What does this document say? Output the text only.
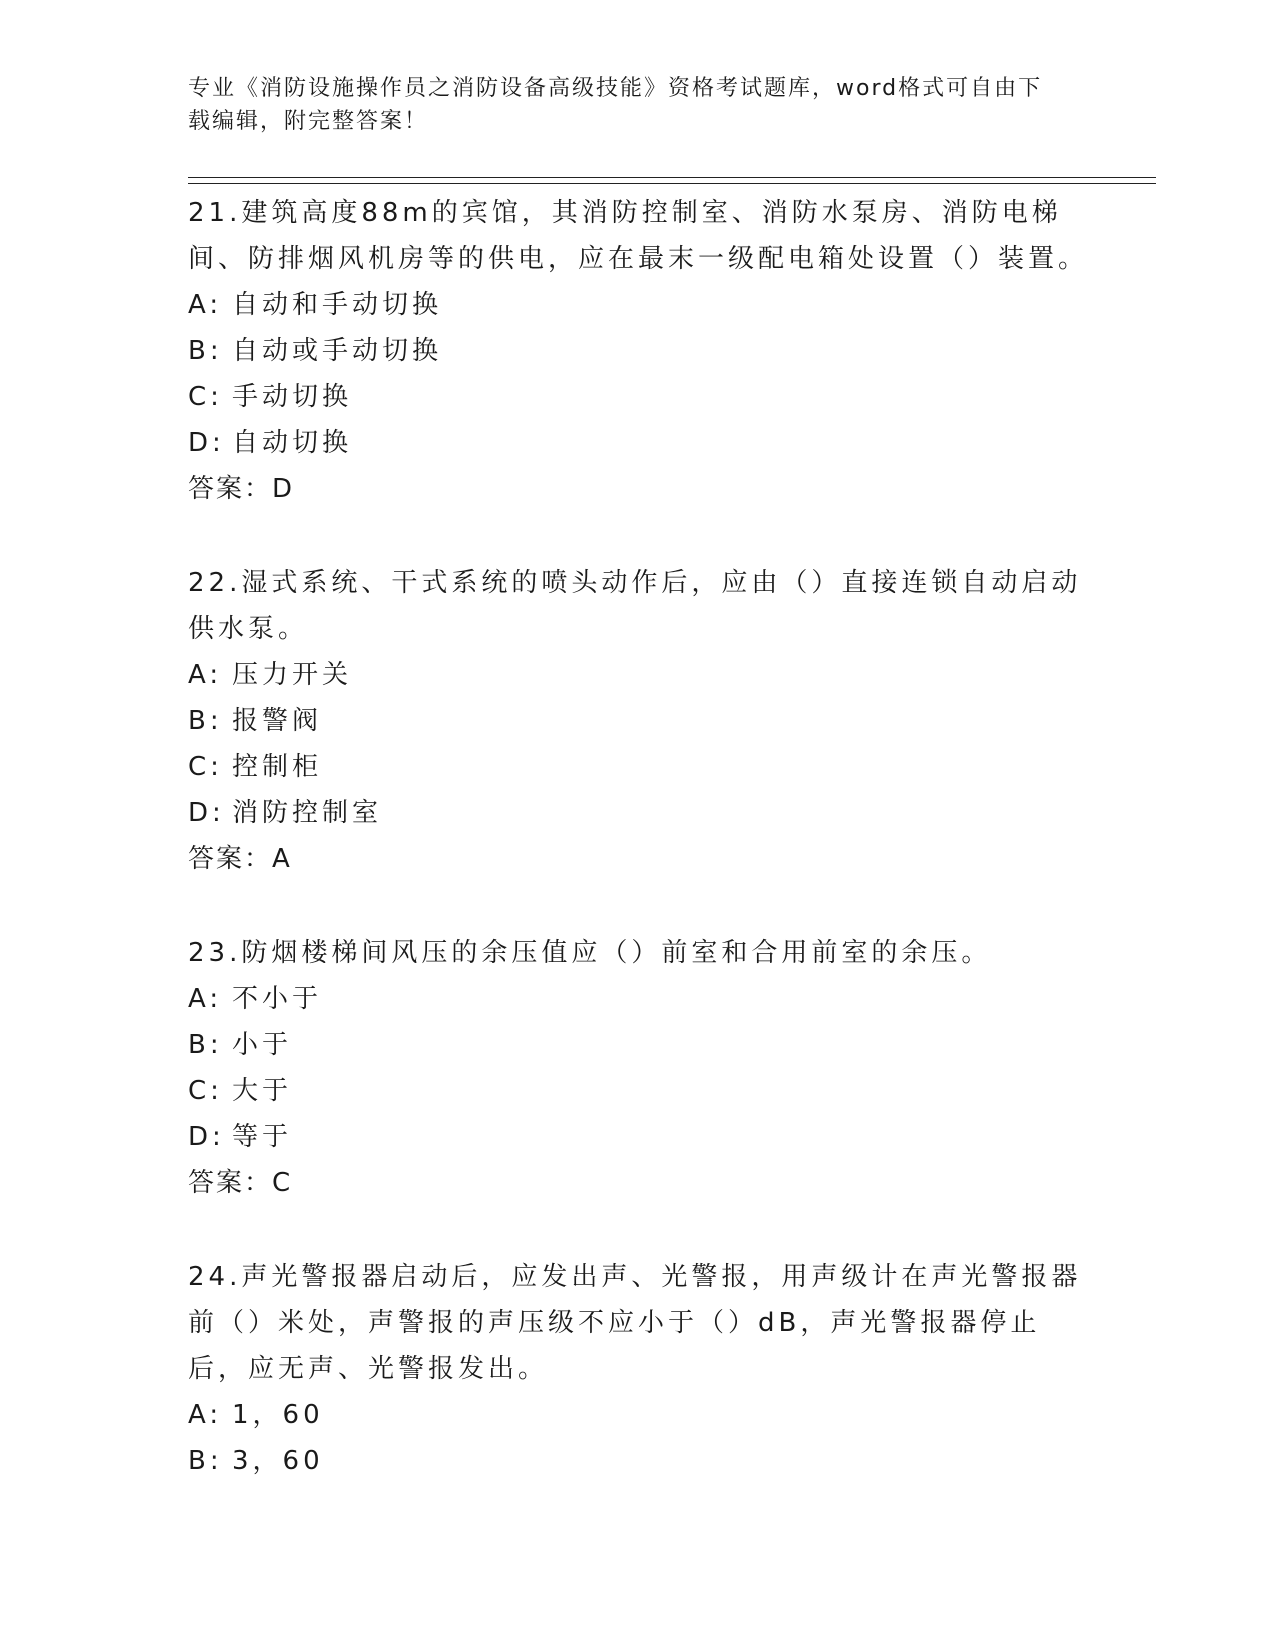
专业《消防设施操作员之消防设备高级技能》资格考试题库，word格式可自由下
载编辑，附完整答案！

21.建筑高度88m的宾馆，其消防控制室、消防水泵房、消防电梯间、防排烟风机房等的供电，应在最末一级配电箱处设置（）装置。

A: 自动和手动切换
B: 自动或手动切换
C: 手动切换
D: 自动切换

答案：D

22.湿式系统、干式系统的喷头动作后，应由（）直接连锁自动启动供水泵。

A: 压力开关
B: 报警阀
C: 控制柜
D: 消防控制室

答案：A

23.防烟楼梯间风压的余压值应（）前室和合用前室的余压。

A: 不小于
B: 小于
C: 大于
D: 等于

答案：C

24.声光警报器启动后，应发出声、光警报，用声级计在声光警报器前（）米处，声警报的声压级不应小于（）dB，声光警报器停止后，应无声、光警报发出。

A: 1，60
B: 3，60
